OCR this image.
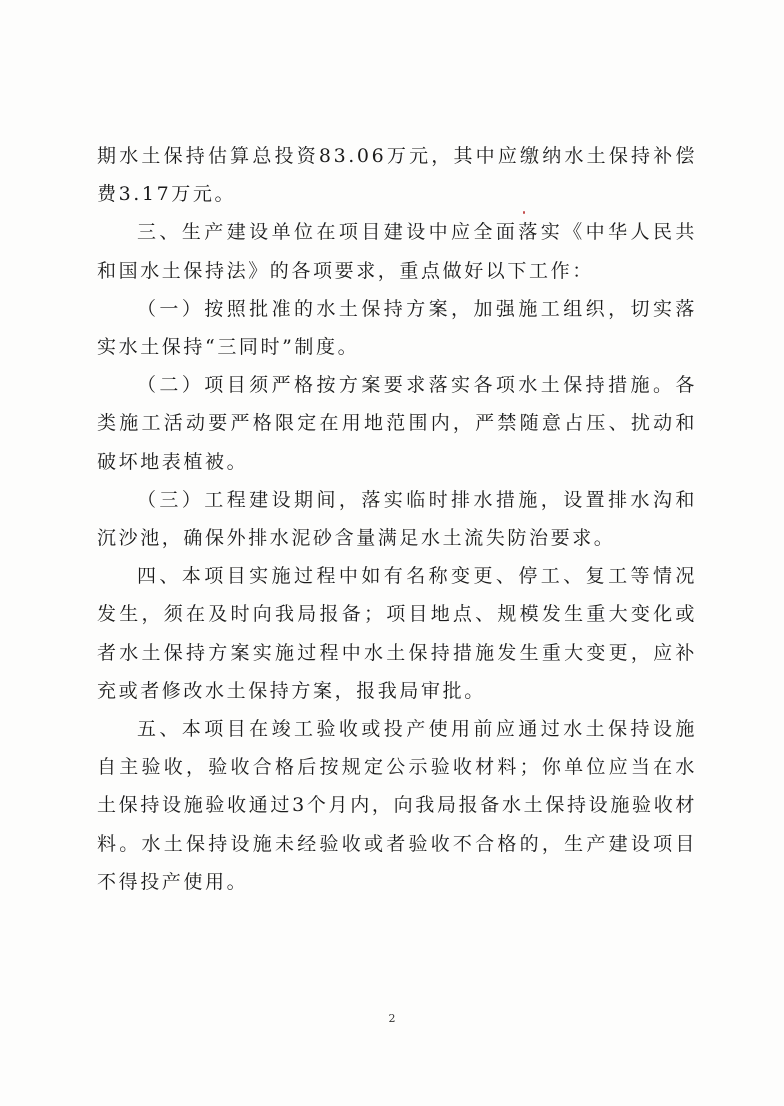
期水土保持估算总投资83.06万元，其中应缴纳水土保持补偿费3.17万元。

三、生产建设单位在项目建设中应全面落实《中华人民共和国水土保持法》的各项要求，重点做好以下工作：

（一）按照批准的水土保持方案，加强施工组织，切实落实水土保持“三同时”制度。

（二）项目须严格按方案要求落实各项水土保持措施。各类施工活动要严格限定在用地范围内，严禁随意占压、扰动和破坏地表植被。

（三）工程建设期间，落实临时排水措施，设置排水沟和沉沙池，确保外排水泥砂含量满足水土流失防治要求。

四、本项目实施过程中如有名称变更、停工、复工等情况发生，须在及时向我局报备；项目地点、规模发生重大变化或者水土保持方案实施过程中水土保持措施发生重大变更，应补充或者修改水土保持方案，报我局审批。

五、本项目在竣工验收或投产使用前应通过水土保持设施自主验收，验收合格后按规定公示验收材料；你单位应当在水土保持设施验收通过3个月内，向我局报备水土保持设施验收材料。水土保持设施未经验收或者验收不合格的，生产建设项目不得投产使用。

2
